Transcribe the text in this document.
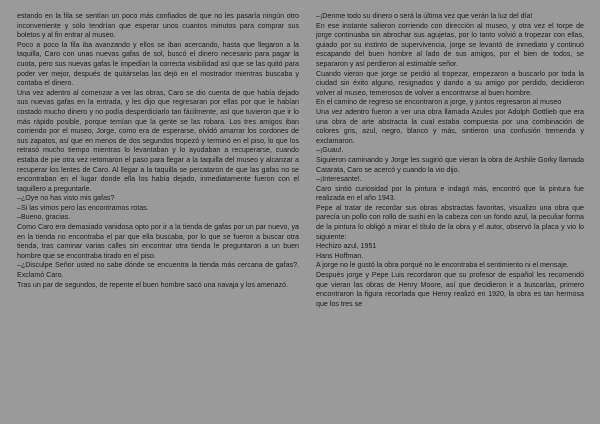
estando en la fila se sentían un poco más confiados de que no les pasaría ningún otro inconveniente y sólo tendrían que esperar unos cuantos minutos para comprar sus boletos y al fin entrar al museo.

Poco a poco la fila iba avanzando y ellos se iban acercando, hasta que llegaron a la taquilla, Caro con unas nuevas gafas de sol, buscó el dinero necesario para pagar la cuota, pero sus nuevas gafas le impedían la correcta visibilidad así que se las quitó para poder ver mejor, después de quitárselas las dejó en el mostrador mientras buscaba y contaba el dinero.

Una vez adentro al comenzar a ver las obras, Caro se dio cuenta de que había dejado sus nuevas gafas en la entrada, y les dijo que regresaran por ellas por que le habían costado mucho dinero y no podía desperdiciarlo tan fácilmente, así que tuvieron que ir lo más rápido posible, porque temían que la gente se las robara. Los tres amigos iban corriendo por el museo, Jorge, como era de esperarse, olvidó amarrar los cordones de sus zapatos, así que en menos de dos segundos tropezó y terminó en el piso, lo que los retrasó mucho tiempo mientras lo levantaban y lo ayudaban a recuperarse, cuando estaba de pie otra vez retomaron el paso para llegar a la taquilla del museo y alcanzar a recuperar los lentes de Caro. Al llegar a la taquilla se percataron de que las gafas no se encontraban en el lugar donde ella los había dejado, inmediatamente fueron con el taquillero a preguntarle.

–¿Oye no has visto mis gafas?

–Si las vimos pero las encontramos rotas.

–Bueno, gracias.

Como Caro era demasiado vanidosa opto por ir a la tienda de gafas por un par nuevo, ya en la tienda no encontraba el par que ella buscaba, por lo que se fueron a buscar otra tienda, tras caminar varias calles sin encontrar otra tienda le preguntaron a un buen hombre que se encontraba tirado en el piso.

–¿Disculpe Señor usted no sabe dónde se encuentra la tienda más cercana de gafas?. Exclamó Caro.

Tras un par de segundos, de repente el buen hombre sacó una navaja y los amenazó.

–¡Denme todo su dinero o será la última vez que verán la luz del día!

En ese instante salieron corriendo con dirección al museo, y otra vez el torpe de jorge continuaba sin abrochar sus agujetas, por lo tanto volvió a tropezar con ellas, guiado por su instinto de supervivencia, jorge se levantó de inmediato y continuó escapando del buen hombre al lado de sus amigos, por el bien de todos, se separaron y así perdieron al estimable señor.

Cuando vieron que jorge se perdió al tropezar, empezaron a buscarlo por toda la ciudad sin éxito alguno, resignados y dando a su amigo por perdido, decidieron volver al museo, temerosos de volver a encontrarse al buen hombre.

En el camino de regreso se encontraron a jorge, y juntos regresaron al museo

Una vez adentro fueron a ver una obra llamada Azules por Adolph Gottlieb que era una obra de arte abstracta la cual estaba compuesta por una combinación de colores gris, azul, negro, blanco y más, sintieron una confusión tremenda y exclamaron.

–¡Guau!.

Siguieron caminando y Jorge les sugirió que vieran la obra de Arshile Gorky llamada Catarata, Caro se acercó y cuando la vio dijo.

–¡Interesante!.

Caro sintió curiosidad por la pintura e indagó más, encontró que la pintura fue realizada en el año 1943.

Pepe al tratar de recordar sus obras abstractas favoritas, visualizo una obra que parecía un pollo con rollo de sushi en la cabeza con un fondo azul, la peculiar forma de la pintura lo obligó a mirar el título de la obra y el autor, observó la placa y vio lo siguiente:

Hechizo azul, 1951

Hans Hoffman.

A jorge no le gustó la obra porqué no le encontraba el sentimiento ni el mensaje.

Después jorge y Pepe Luis recordaron que su profesor de español les recomendó que vieran las obras de Henry Moore, así que decidieron ir a buscarlas, primero encontraron la figura recortada que Henry realizó en 1920, la obra es tan hermosa que los tres se
